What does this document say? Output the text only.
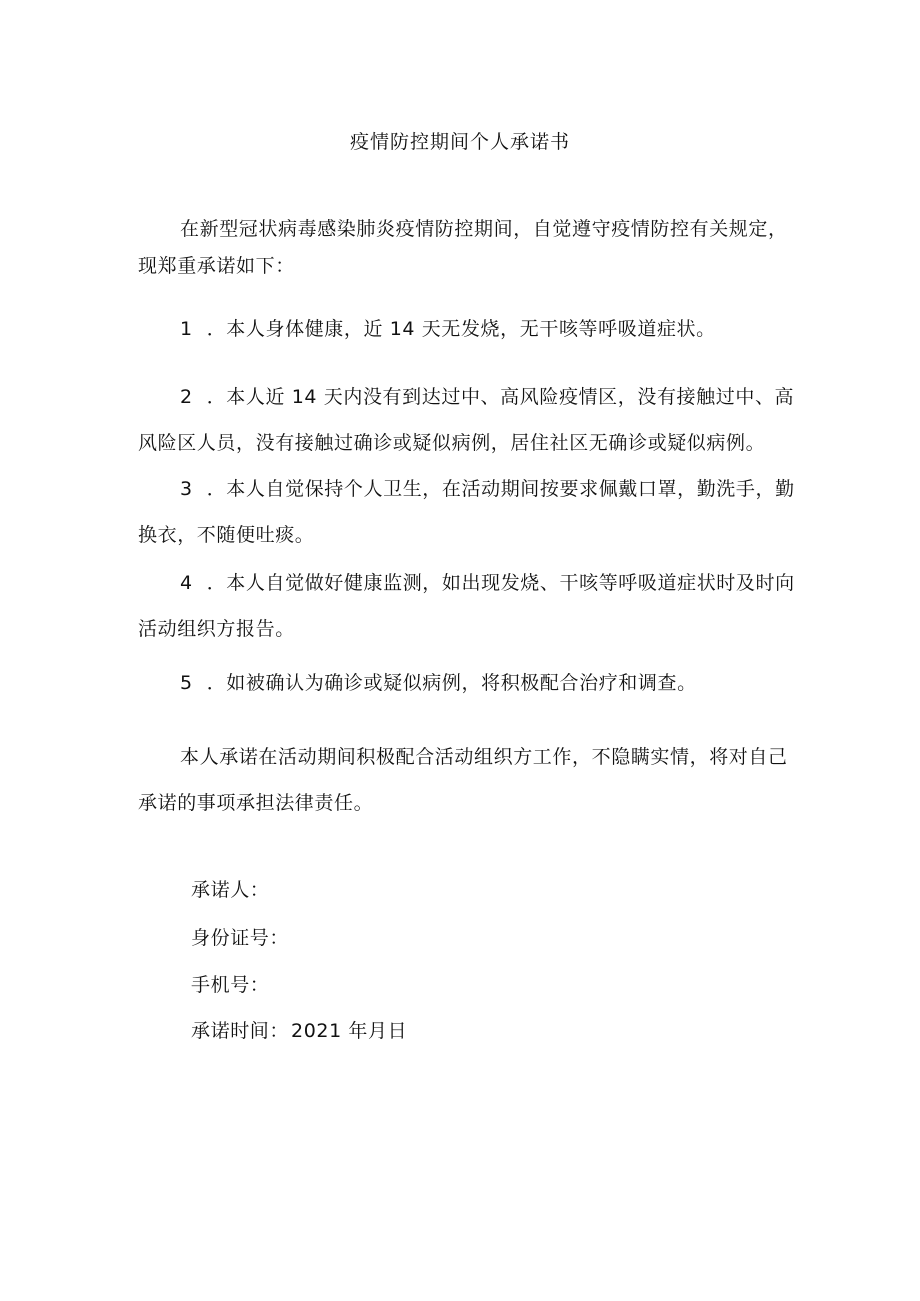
疫情防控期间个人承诺书

在新型冠状病毒感染肺炎疫情防控期间，自觉遵守疫情防控有关规定，现郑重承诺如下：

1 ．本人身体健康，近 14 天无发烧，无干咳等呼吸道症状。

2 ．本人近 14 天内没有到达过中、高风险疫情区，没有接触过中、高风险区人员，没有接触过确诊或疑似病例，居住社区无确诊或疑似病例。

3 ．本人自觉保持个人卫生，在活动期间按要求佩戴口罩，勤洗手，勤换衣，不随便吐痰。

4 ．本人自觉做好健康监测，如出现发烧、干咳等呼吸道症状时及时向活动组织方报告。

5 ．如被确认为确诊或疑似病例，将积极配合治疗和调查。

本人承诺在活动期间积极配合活动组织方工作，不隐瞒实情，将对自己承诺的事项承担法律责任。

承诺人：

身份证号：

手机号：

承诺时间： 2021 年月日
